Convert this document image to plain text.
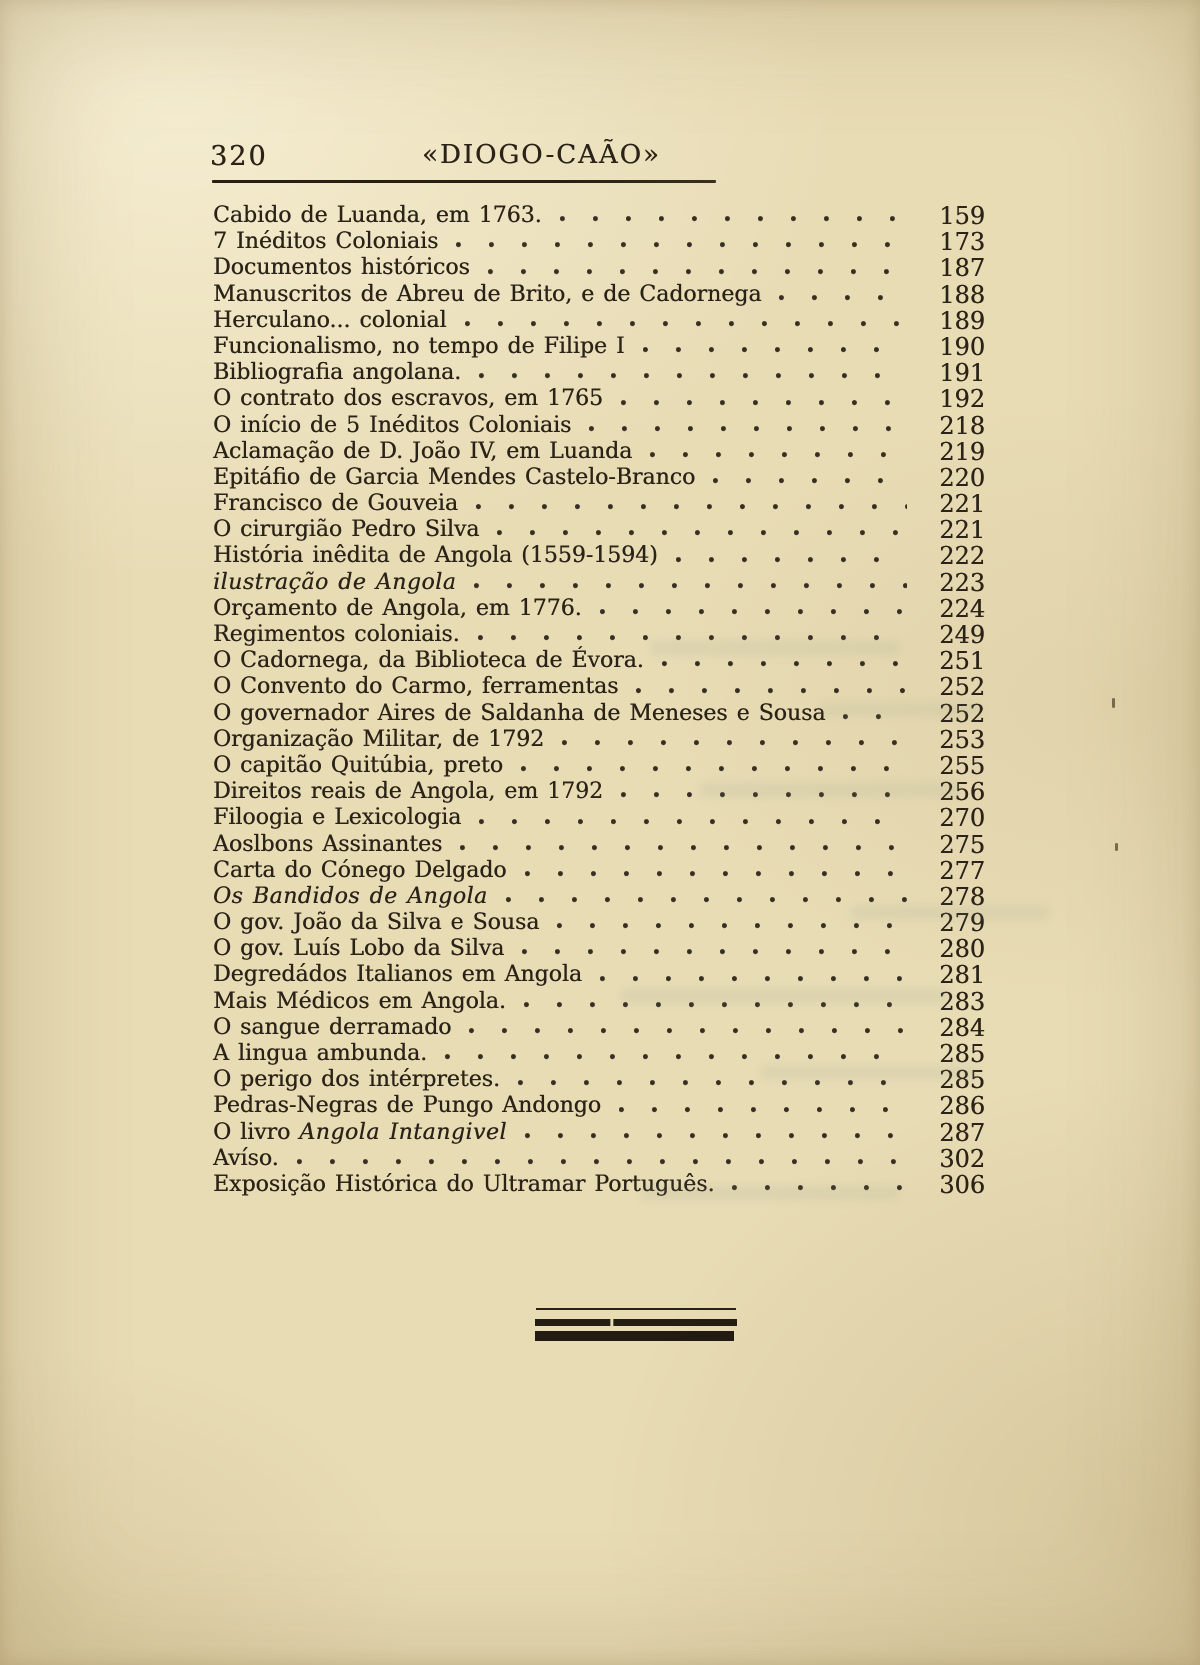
320	«DIOGO-CAÃO»
Cabido de Luanda, em 1763.	159
7 Inéditos Coloniais	173
Documentos históricos	187
Manuscritos de Abreu de Brito, e de Cadornega	188
Herculano... colonial	189
Funcionalismo, no tempo de Filipe I	190
Bibliografia angolana.	191
O contrato dos escravos, em 1765	192
O início de 5 Inéditos Coloniais	218
Aclamação de D. João IV, em Luanda	219
Epitáfio de Garcia Mendes Castelo-Branco	220
Francisco de Gouveia	221
O cirurgião Pedro Silva	221
História inêdita de Angola (1559-1594)	222
ilustração de Angola	223
Orçamento de Angola, em 1776.	224
Regimentos coloniais.	249
O Cadornega, da Biblioteca de Évora.	251
O Convento do Carmo, ferramentas	252
O governador Aires de Saldanha de Meneses e Sousa	252
Organização Militar, de 1792	253
O capitão Quitúbia, preto	255
Direitos reais de Angola, em 1792	256
Filoogia e Lexicologia	270
Aoslbons Assinantes	275
Carta do Cónego Delgado	277
Os Bandidos de Angola	278
O gov. João da Silva e Sousa	279
O gov. Luís Lobo da Silva	280
Degredádos Italianos em Angola	281
Mais Médicos em Angola.	283
O sangue derramado	284
A lingua ambunda.	285
O perigo dos intérpretes.	285
Pedras-Negras de Pungo Andongo	286
O livro Angola Intangivel	287
Avíso.	302
Exposição Histórica do Ultramar Português.	306
